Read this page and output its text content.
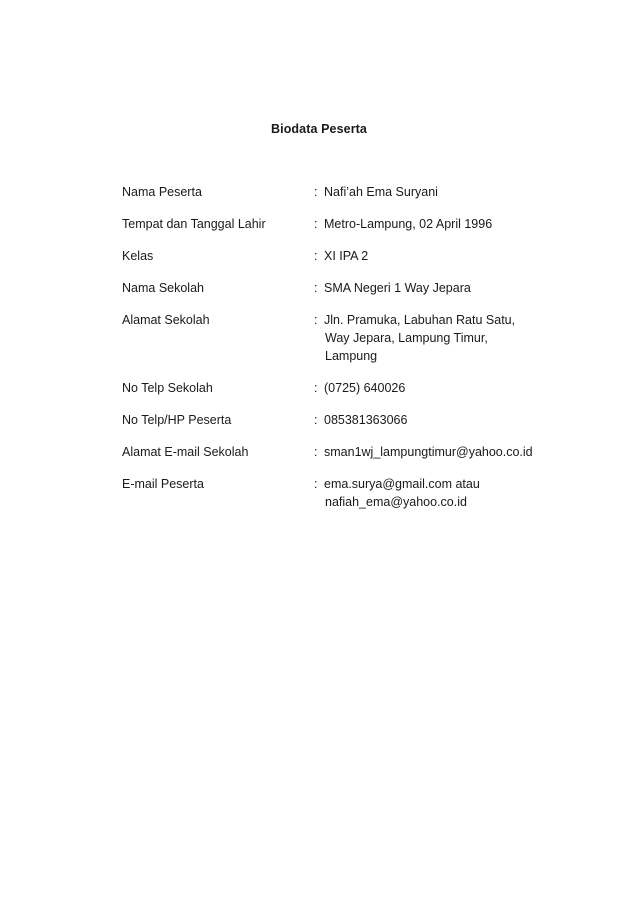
Biodata Peserta
Nama Peserta	: Nafi’ah Ema Suryani
Tempat dan Tanggal Lahir	: Metro-Lampung, 02 April 1996
Kelas	: XI IPA 2
Nama Sekolah	: SMA Negeri 1 Way Jepara
Alamat Sekolah	: Jln. Pramuka, Labuhan Ratu Satu,
Way Jepara, Lampung Timur,
Lampung
No Telp Sekolah	: (0725) 640026
No Telp/HP Peserta	: 085381363066
Alamat E-mail Sekolah	: sman1wj_lampungtimur@yahoo.co.id
E-mail Peserta	: ema.surya@gmail.com atau
nafiah_ema@yahoo.co.id
